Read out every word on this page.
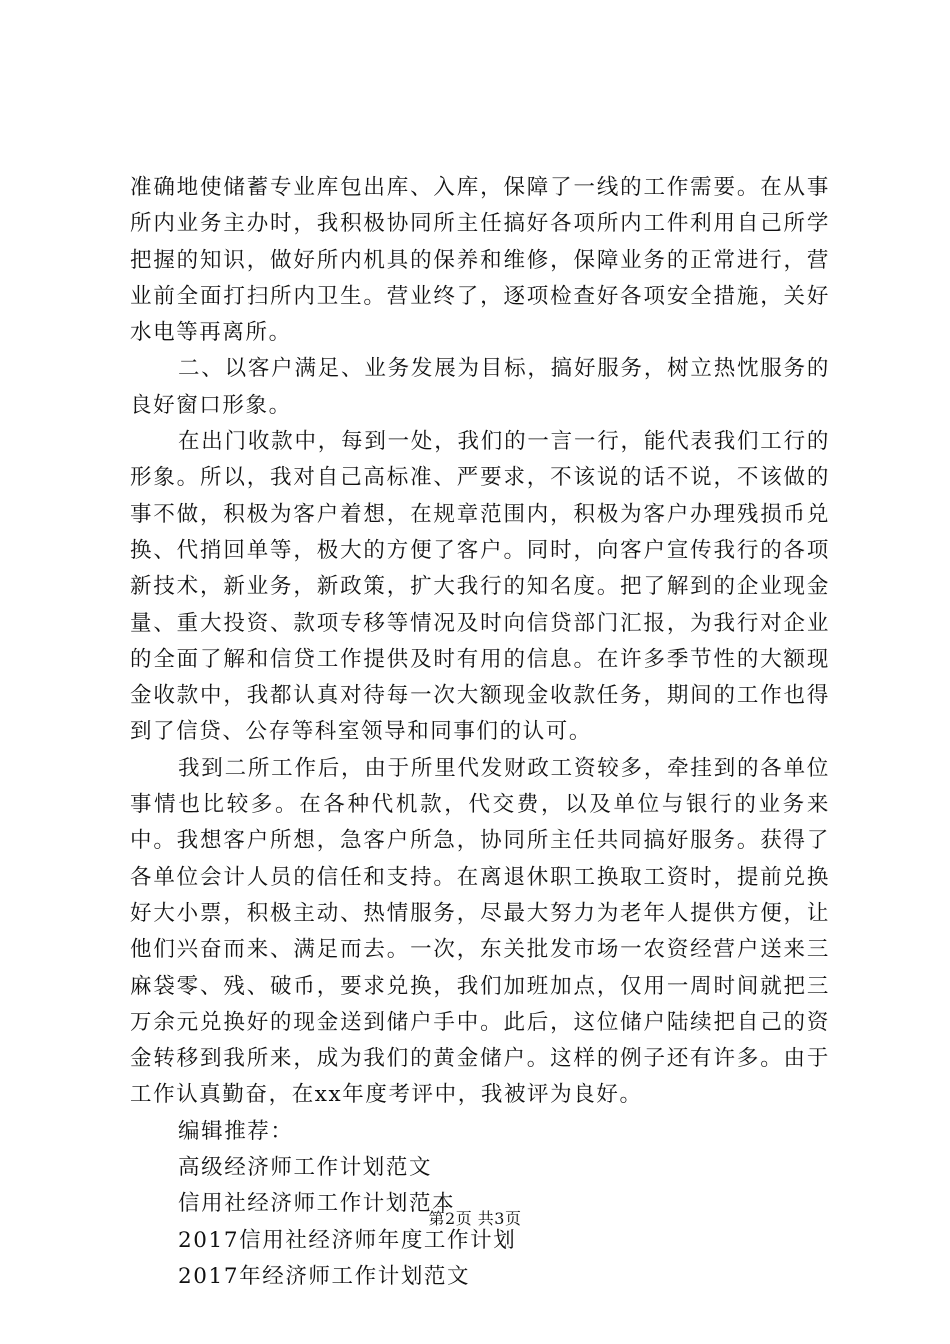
准确地使储蓄专业库包出库、入库，保障了一线的工作需要。在从事所内业务主办时，我积极协同所主任搞好各项所内工件利用自己所学把握的知识，做好所内机具的保养和维修，保障业务的正常进行，营业前全面打扫所内卫生。营业终了，逐项检查好各项安全措施，关好水电等再离所。

二、以客户满足、业务发展为目标，搞好服务，树立热忱服务的良好窗口形象。

在出门收款中，每到一处，我们的一言一行，能代表我们工行的形象。所以，我对自己高标准、严要求，不该说的话不说，不该做的事不做，积极为客户着想，在规章范围内，积极为客户办理残损币兑换、代捎回单等，极大的方便了客户。同时，向客户宣传我行的各项新技术，新业务，新政策，扩大我行的知名度。把了解到的企业现金量、重大投资、款项专移等情况及时向信贷部门汇报，为我行对企业的全面了解和信贷工作提供及时有用的信息。在许多季节性的大额现金收款中，我都认真对待每一次大额现金收款任务，期间的工作也得到了信贷、公存等科室领导和同事们的认可。

我到二所工作后，由于所里代发财政工资较多，牵挂到的各单位事情也比较多。在各种代机款，代交费，以及单位与银行的业务来中。我想客户所想，急客户所急，协同所主任共同搞好服务。获得了各单位会计人员的信任和支持。在离退休职工换取工资时，提前兑换好大小票，积极主动、热情服务，尽最大努力为老年人提供方便，让他们兴奋而来、满足而去。一次，东关批发市场一农资经营户送来三麻袋零、残、破币，要求兑换，我们加班加点，仅用一周时间就把三万余元兑换好的现金送到储户手中。此后，这位储户陆续把自己的资金转移到我所来，成为我们的黄金储户。这样的例子还有许多。由于工作认真勤奋，在xx年度考评中，我被评为良好。

编辑推荐：

高级经济师工作计划范文
信用社经济师工作计划范本
2017信用社经济师年度工作计划
2017年经济师工作计划范文
第2页 共3页
